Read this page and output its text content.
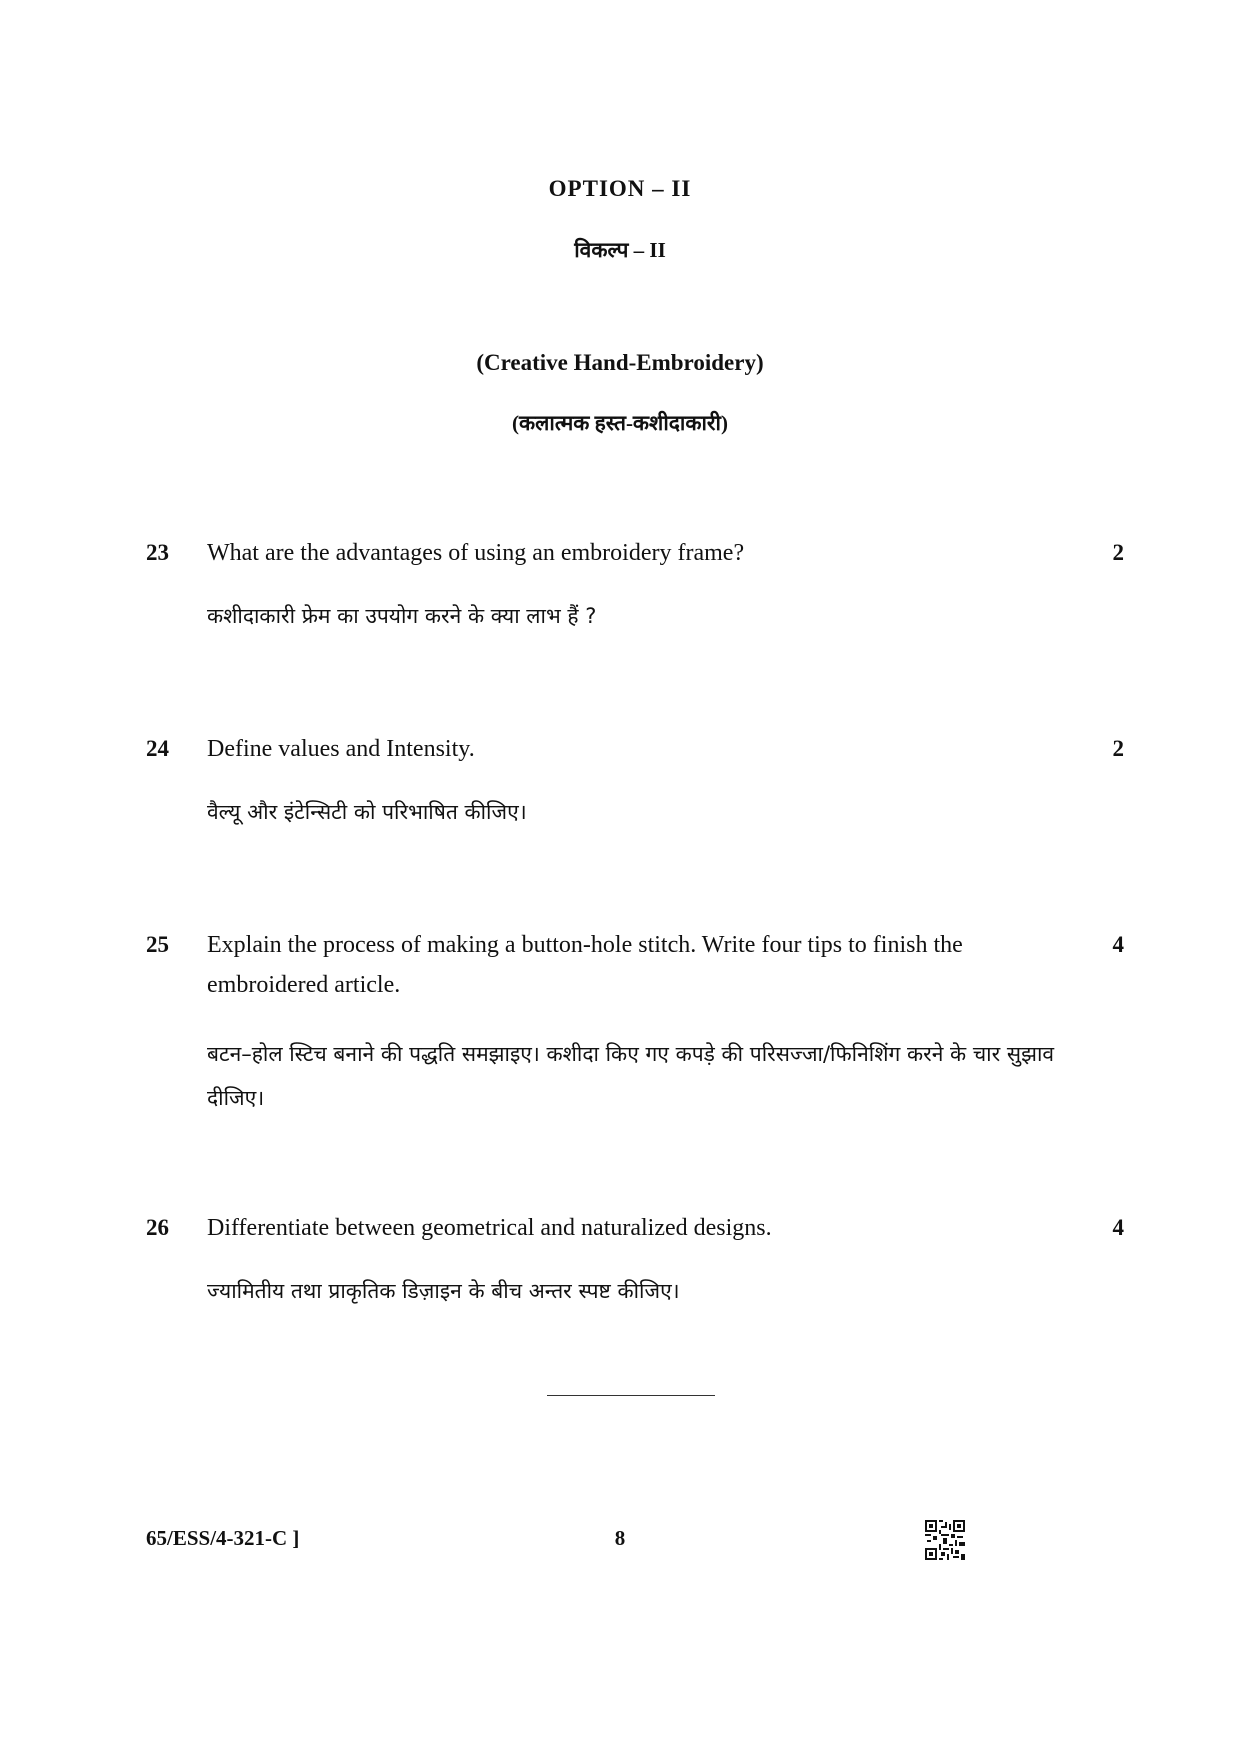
OPTION – II
विकल्प – II
(Creative Hand-Embroidery)
(कलात्मक हस्त-कशीदाकारी)
23 What are the advantages of using an embroidery frame?	2
कशीदाकारी फ्रेम का उपयोग करने के क्या लाभ हैं ?
24 Define values and Intensity.	2
वैल्यू और इंटेन्सिटी को परिभाषित कीजिए।
25 Explain the process of making a button-hole stitch. Write four tips to finish the embroidered article.
4
बटन–होल स्टिच बनाने की पद्धति समझाइए। कशीदा किए गए कपड़े की परिसज्जा/फिनिशिंग करने के चार सुझाव दीजिए।
26 Differentiate between geometrical and naturalized designs.	4
ज्यामितीय तथा प्राकृतिक डिज़ाइन के बीच अन्तर स्पष्ट कीजिए।
65/ESS/4-321-C ]	8
